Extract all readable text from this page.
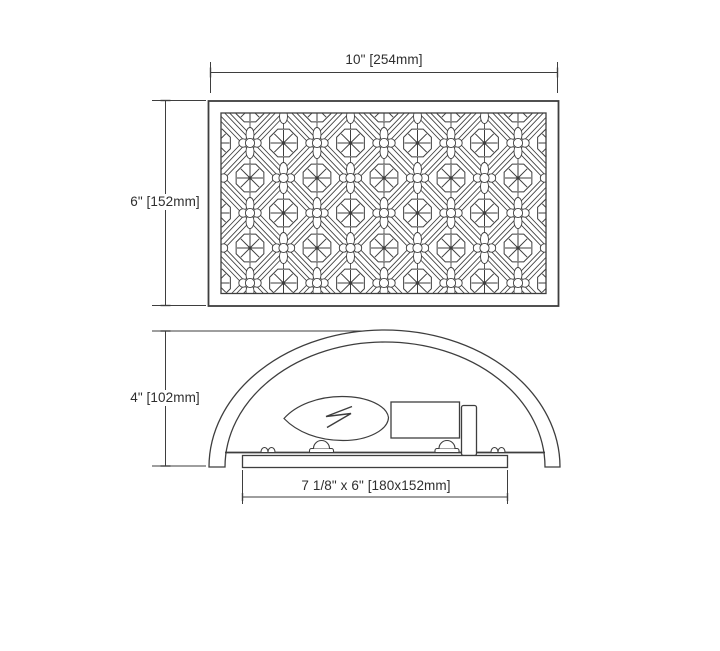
10" [254mm]
6" [152mm]
4" [102mm]
7 1/8" x 6" [180x152mm]
